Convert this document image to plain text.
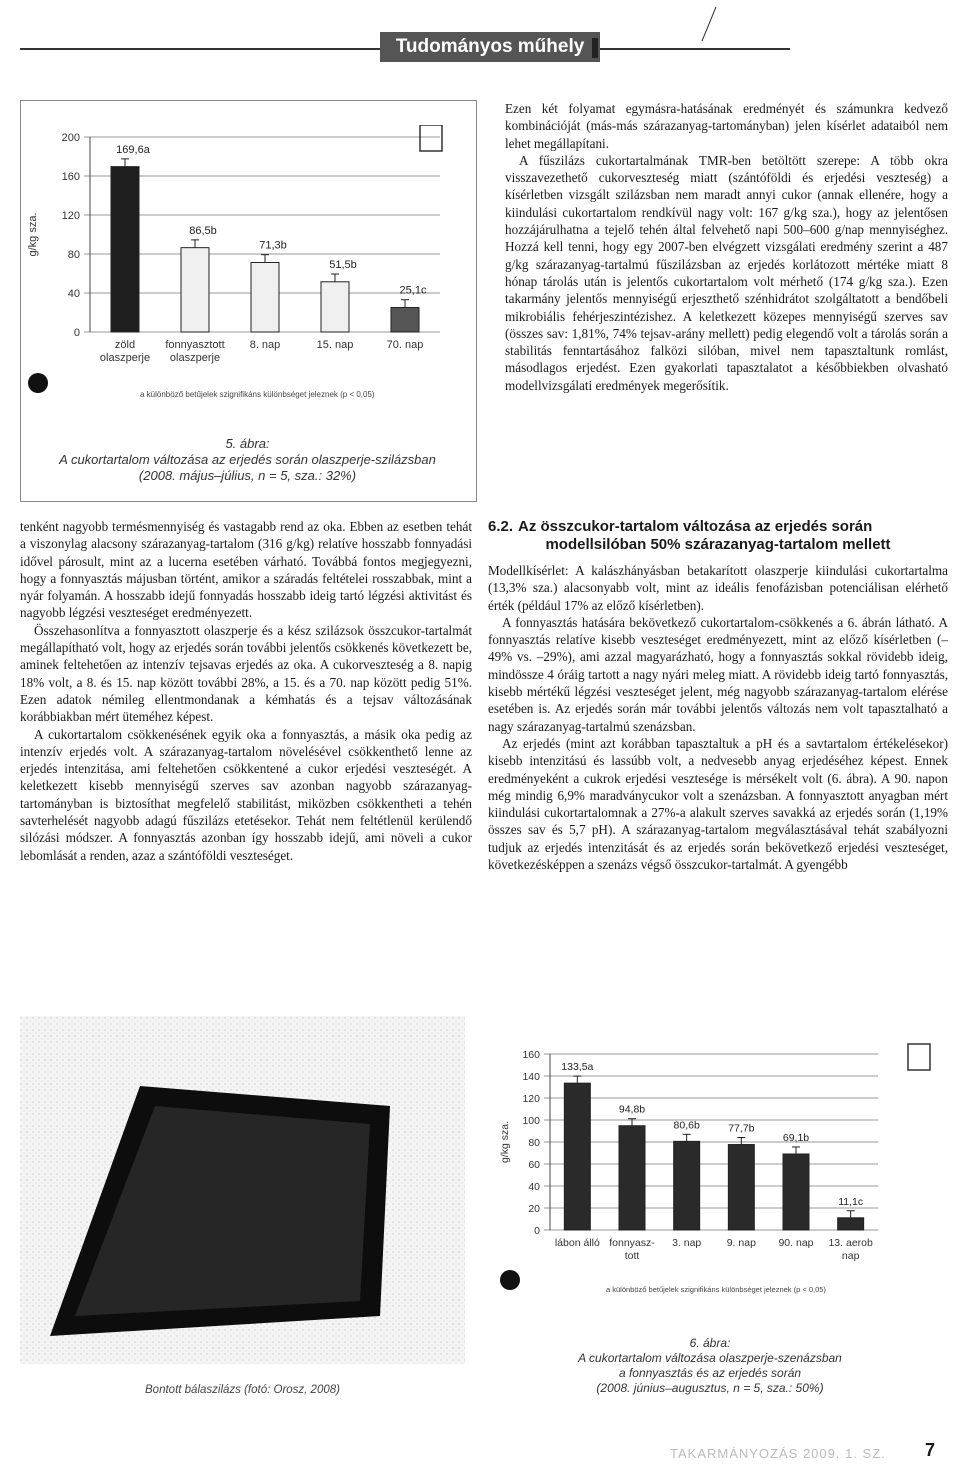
Tudományos műhely
0
40
80
120
160
200
g/kg sza.
169,6a
zöld
olaszperje
86,5b
fonnyasztott
olaszperje
71,3b
8. nap
51,5b
15. nap
25,1c
70. nap
a különböző betűjelek szignifikáns különbséget jeleznek (p < 0,05)
5. ábra:
A cukortartalom változása az erjedés során olaszperje-szilázsban
(2008. május–július, n = 5, sza.: 32%)

Ezen két folyamat egymásra-hatásának eredményét és számunkra kedvező kombinációját (más-más szárazanyag-tartományban) jelen kísérlet adataiból nem lehet megállapítani.

A fűszilázs cukortartalmának TMR-ben betöltött szerepe: A több okra visszavezethető cukorveszteség miatt (szántóföldi és erjedési veszteség) a kísérletben vizsgált szilázsban nem maradt annyi cukor (annak ellenére, hogy a kiindulási cukortartalom rendkívül nagy volt: 167 g/kg sza.), hogy az jelentősen hozzájárulhatna a tejelő tehén által felvehető napi 500–600 g/nap mennyiséghez. Hozzá kell tenni, hogy egy 2007-ben elvégzett vizsgálati eredmény szerint a 487 g/kg szárazanyag-tartalmú fűszilázsban az erjedés korlátozott mértéke miatt 8 hónap tárolás után is jelentős cukortartalom volt mérhető (174 g/kg sza.). Ezen takarmány jelentős mennyiségű erjeszthető szénhidrátot szolgáltatott a bendőbeli mikrobiális fehérjeszintézishez. A keletkezett közepes mennyiségű szerves sav (összes sav: 1,81%, 74% tejsav-arány mellett) pedig elegendő volt a tárolás során a stabilitás fenntartásához falközi silóban, mivel nem tapasztaltunk romlást, másodlagos erjedést. Ezen gyakorlati tapasztalatot a későbbiekben olvasható modellvizsgálati eredmények megerősítik.

6.2. Az összcukor-tartalom változása az erjedés során
modellsilóban 50% szárazanyag-tartalom mellett

Modellkísérlet: A kalászhányásban betakarított olaszperje kiindulási cukortartalma (13,3% sza.) alacsonyabb volt, mint az ideális fenofázisban potenciálisan elérhető érték (például 17% az előző kísérletben).

A fonnyasztás hatására bekövetkező cukortartalom-csökkenés a 6. ábrán látható. A fonnyasztás relatíve kisebb veszteséget eredményezett, mint az előző kísérletben (–49% vs. –29%), ami azzal magyarázható, hogy a fonnyasztás sokkal rövidebb ideig, mindössze 4 óráig tartott a nagy nyári meleg miatt. A rövidebb ideig tartó fonnyasztás, kisebb mértékű légzési veszteséget jelent, még nagyobb szárazanyag-tartalom elérése esetében is. Az erjedés során már további jelentős változás nem volt tapasztalható a nagy szárazanyag-tartalmú szenázsban.

Az erjedés (mint azt korábban tapasztaltuk a pH és a savtartalom értékelésekor) kisebb intenzitású és lassúbb volt, a nedvesebb anyag erjedéséhez képest. Ennek eredményeként a cukrok erjedési vesztesége is mérsékelt volt (6. ábra). A 90. napon még mindig 6,9% maradványcukor volt a szenázsban. A fonnyasztott anyagban mért kiindulási cukortartalomnak a 27%-a alakult szerves savakká az erjedés során (1,19% összes sav és 5,7 pH). A szárazanyag-tartalom megválasztásával tehát szabályozni tudjuk az erjedés intenzitását és az erjedés során bekövetkező erjedési veszteséget, következésképpen a szenázs végső összcukor-tartalmát. A gyengébb

tenként nagyobb termésmennyiség és vastagabb rend az oka. Ebben az esetben tehát a viszonylag alacsony szárazanyag-tartalom (316 g/kg) relatíve hosszabb fonnyadási idővel párosult, mint az a lucerna esetében várható. Továbbá fontos megjegyezni, hogy a fonnyasztás májusban történt, amikor a száradás feltételei rosszabbak, mint a nyár folyamán. A hosszabb idejű fonnyadás hosszabb ideig tartó légzési aktivitást és nagyobb légzési veszteséget eredményezett.

Összehasonlítva a fonnyasztott olaszperje és a kész szilázsok összcukor-tartalmát megállapítható volt, hogy az erjedés során további jelentős csökkenés következett be, aminek feltehetően az intenzív tejsavas erjedés az oka. A cukorveszteség a 8. napig 18% volt, a 8. és 15. nap között további 28%, a 15. és a 70. nap között pedig 51%. Ezen adatok némileg ellentmondanak a kémhatás és a tejsav változásának korábbiakban mért üteméhez képest.

A cukortartalom csökkenésének egyik oka a fonnyasztás, a másik oka pedig az intenzív erjedés volt. A szárazanyag-tartalom növelésével csökkenthető lenne az erjedés intenzitása, ami feltehetően csökkentené a cukor erjedési veszteségét. A keletkezett kisebb mennyiségű szerves sav azonban nagyobb szárazanyag-tartományban is biztosíthat megfelelő stabilitást, miközben csökkentheti a tehén savterhelését nagyobb adagú fűszilázs etetésekor. Tehát nem feltétlenül kerülendő silózási módszer. A fonnyasztás azonban így hosszabb idejű, ami növeli a cukor lebomlását a renden, azaz a szántóföldi veszteséget.

Bontott bálaszilázs (fotó: Orosz, 2008)
0
20
40
60
80
100
120
140
160
g/kg sza.
133,5a
lábon álló
94,8b
fonnyasz-
tott
80,6b
3. nap
77,7b
9. nap
69,1b
90. nap
11,1c
13. aerob
nap
a különböző betűjelek szignifikáns különbséget jeleznek (p < 0,05)
6. ábra:
A cukortartalom változása olaszperje-szenázsban
a fonnyasztás és az erjedés során
(2008. június–augusztus, n = 5, sza.: 50%)
TAKARMÁNYOZÁS 2009. 1. SZ. 7
